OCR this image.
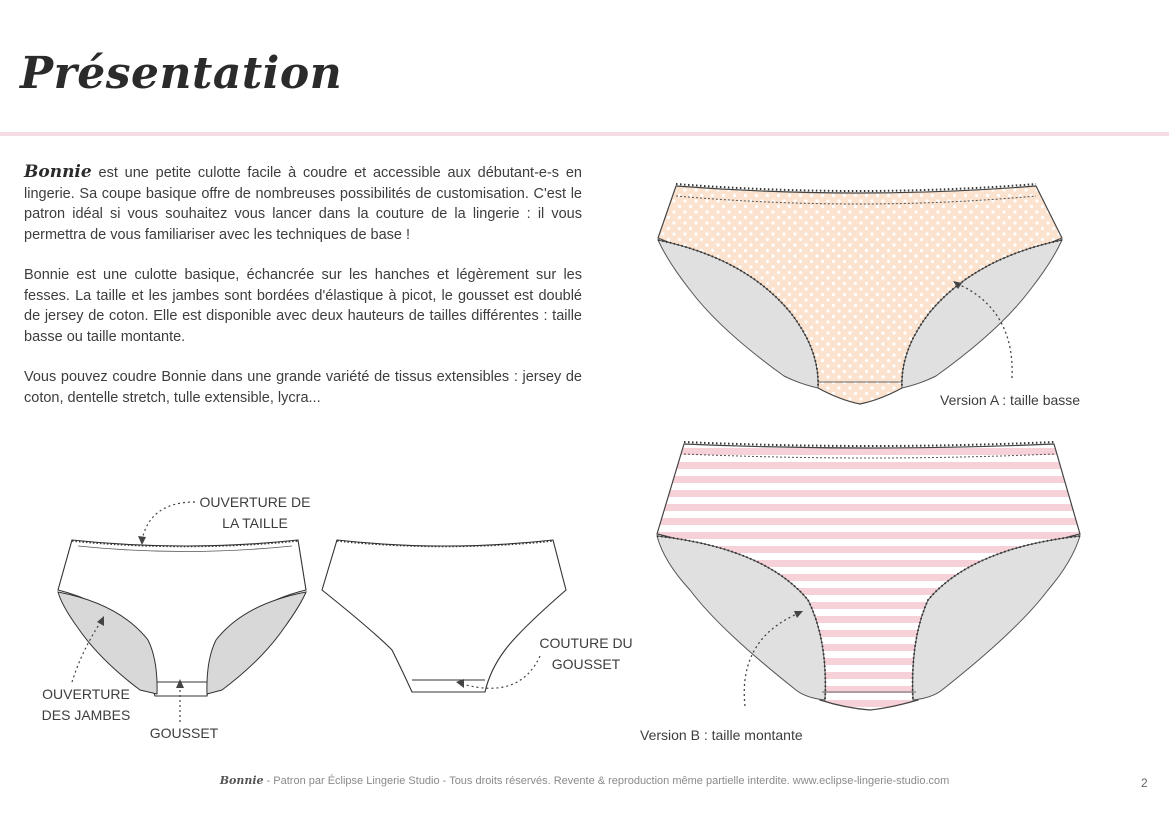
Présentation

Bonnie est une petite culotte facile à coudre et accessible aux débutant-e-s en lingerie. Sa coupe basique offre de nombreuses possibilités de customisation. C'est le patron idéal si vous souhaitez vous lancer dans la couture de la lingerie : il vous permettra de vous familiariser avec les techniques de base !

Bonnie est une culotte basique, échancrée sur les hanches et légèrement sur les fesses. La taille et les jambes sont bordées d'élastique à picot, le gousset est doublé de jersey de coton. Elle est disponible avec deux hauteurs de tailles différentes : taille basse ou taille montante.

Vous pouvez coudre Bonnie dans une grande variété de tissus extensibles : jersey de coton, dentelle stretch, tulle extensible, lycra...

OUVERTURE DE
LA TAILLE
OUVERTURE
DES JAMBES
GOUSSET
COUTURE DU
GOUSSET
Version A : taille basse
Version B : taille montante
Bonnie - Patron par Éclipse Lingerie Studio - Tous droits réservés. Revente & reproduction même partielle interdite. www.eclipse-lingerie-studio.com	2
